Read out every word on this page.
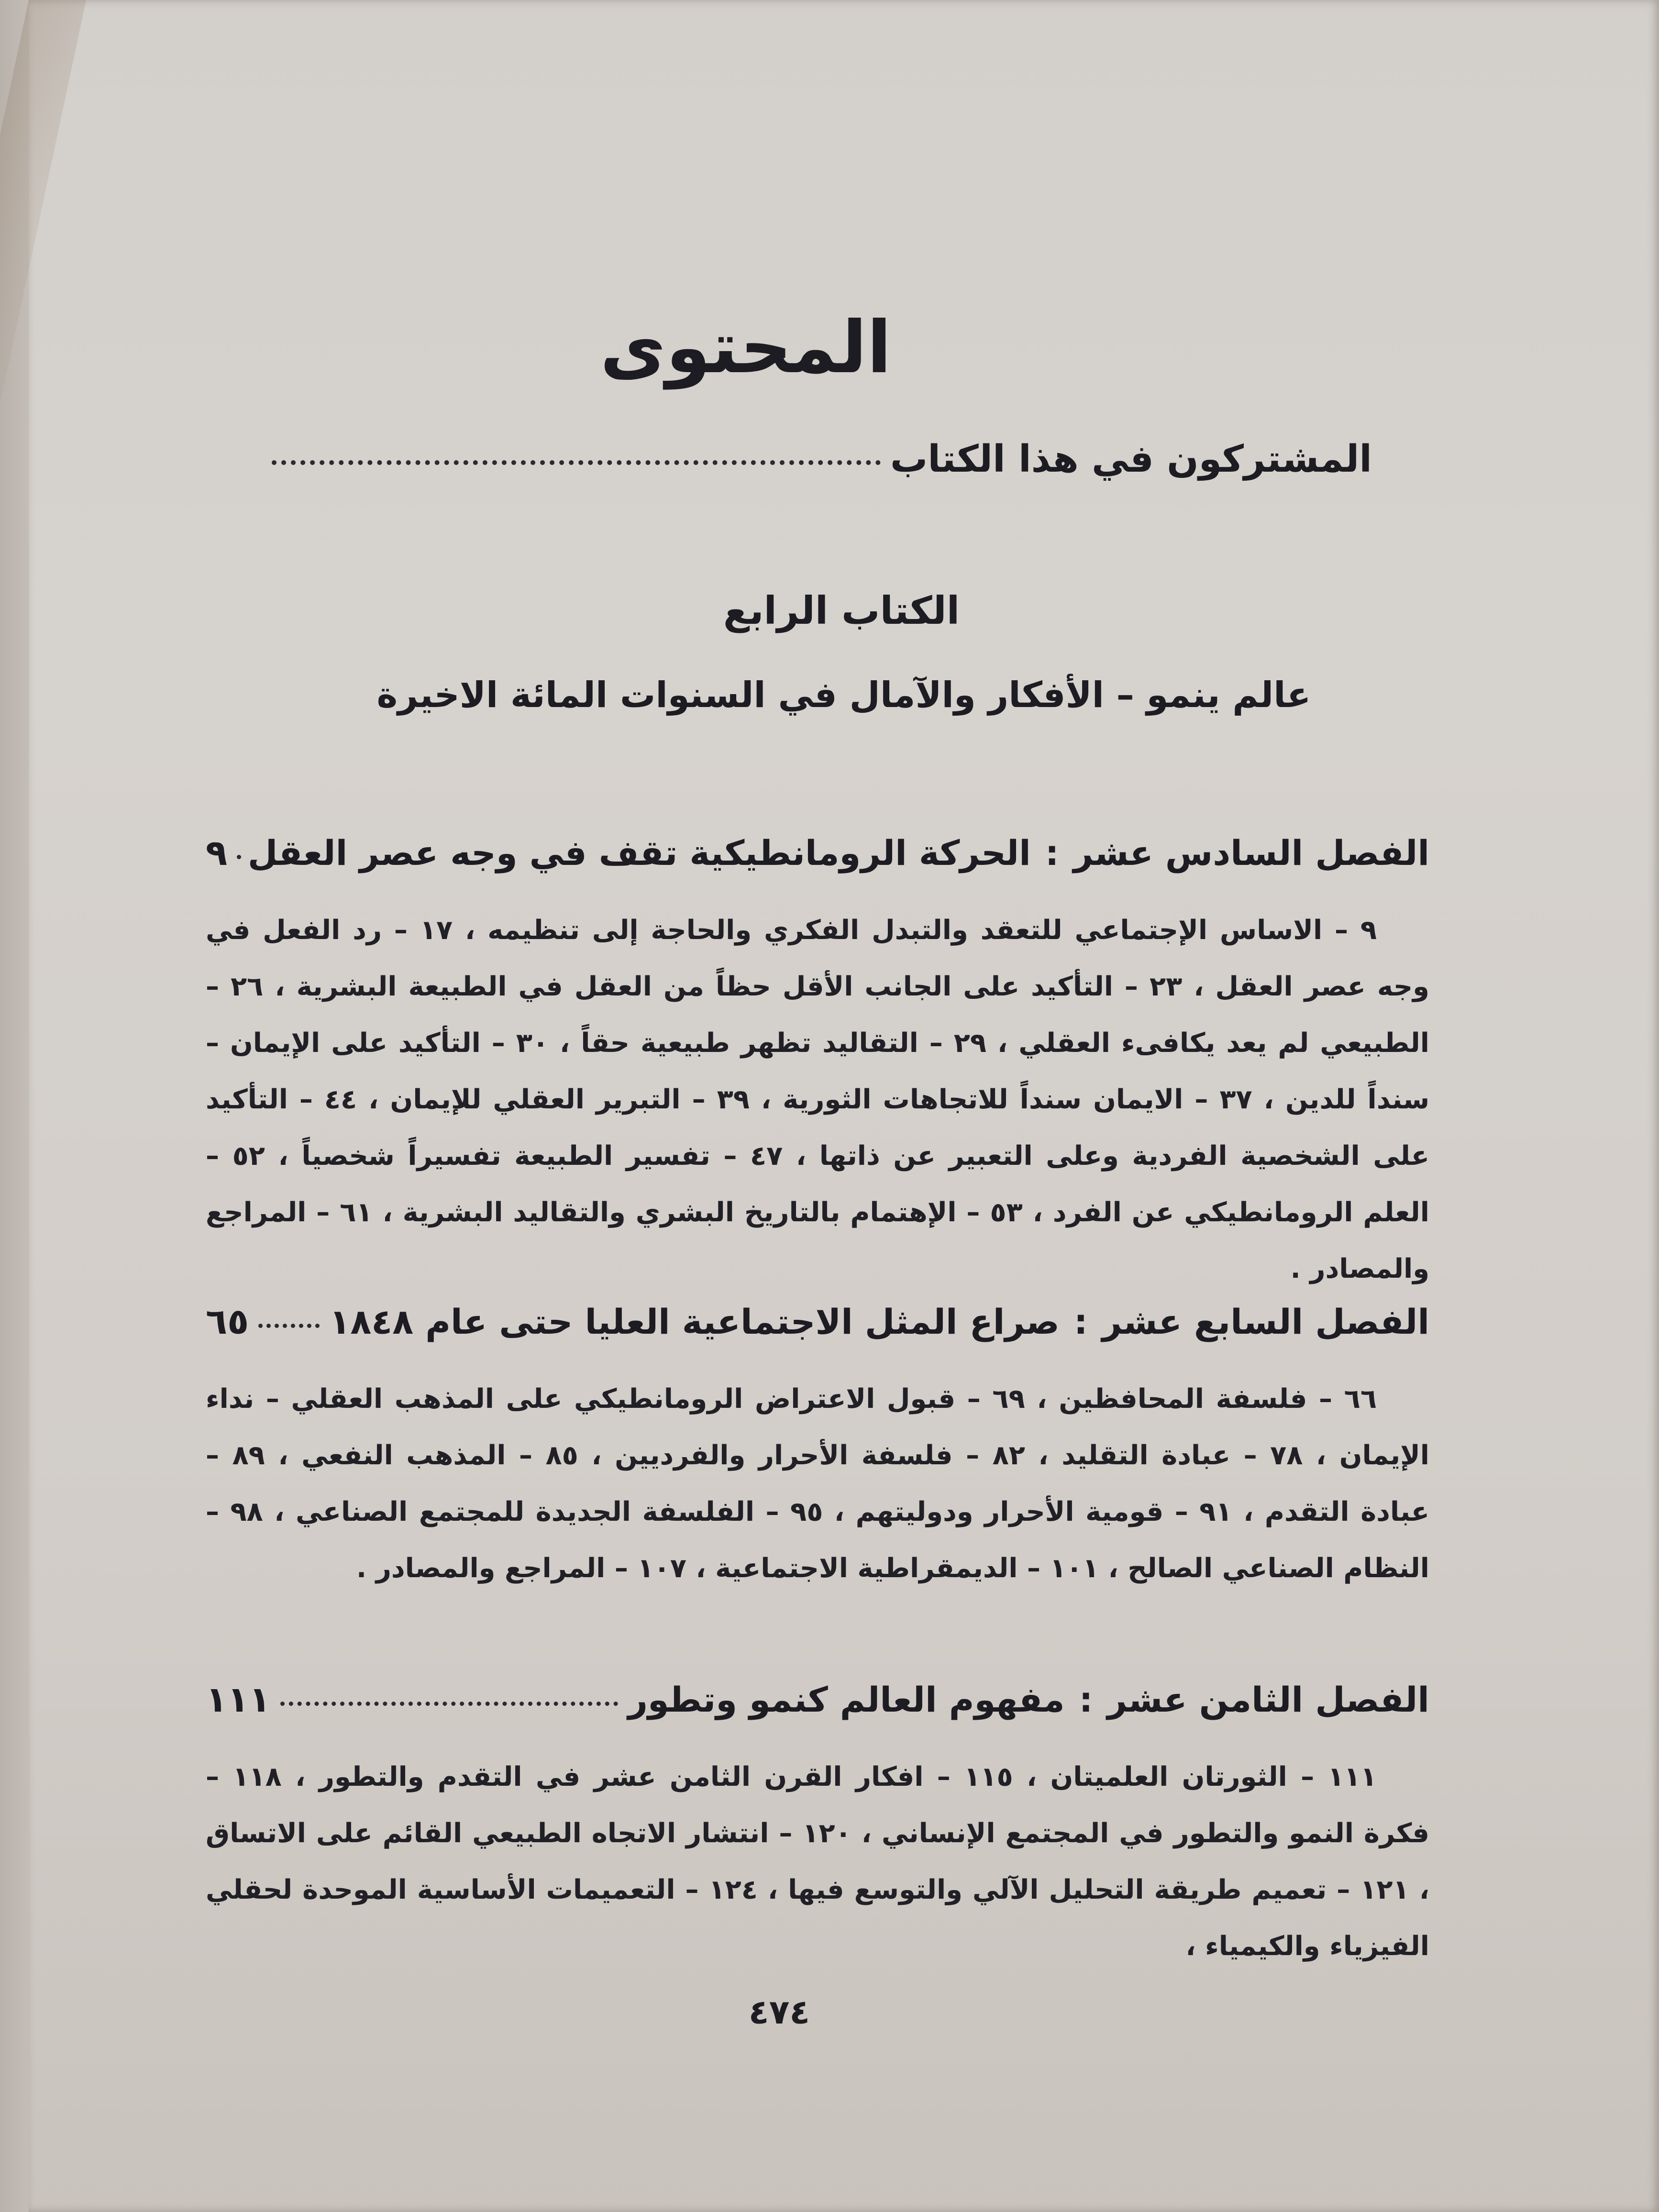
المحتوى
المشتركون في هذا الكتاب
الكتاب الرابع
عالم ينمو – الأفكار والآمال في السنوات المائة الاخيرة
الفصل السادس عشر
:
الحركة الرومانطيكية تقف في وجه عصر العقل
٩
٩ – الاساس الإجتماعي للتعقد والتبدل الفكري والحاجة إلى تنظيمه ، ١٧ – رد الفعل في وجه عصر العقل ، ٢٣ – التأكيد على الجانب الأقل حظاً من العقل في الطبيعة البشرية ، ٢٦ – الطبيعي لم يعد يكافىء العقلي ، ٢٩ – التقاليد تظهر طبيعية حقاً ، ٣٠ – التأكيد على الإيمان – سنداً للدين ، ٣٧ – الايمان سنداً للاتجاهات الثورية ، ٣٩ – التبرير العقلي للإيمان ، ٤٤ – التأكيد على الشخصية الفردية وعلى التعبير عن ذاتها ، ٤٧ – تفسير الطبيعة تفسيراً شخصياً ، ٥٢ – العلم الرومانطيكي عن الفرد ، ٥٣ – الإهتمام بالتاريخ البشري والتقاليد البشرية ، ٦١ – المراجع والمصادر .
الفصل السابع عشر
:
صراع المثل الاجتماعية العليا حتى عام ١٨٤٨
٦٥
٦٦ – فلسفة المحافظين ، ٦٩ – قبول الاعتراض الرومانطيكي على المذهب العقلي – نداء الإيمان ، ٧٨ – عبادة التقليد ، ٨٢ – فلسفة الأحرار والفرديين ، ٨٥ – المذهب النفعي ، ٨٩ – عبادة التقدم ، ٩١ – قومية الأحرار ودوليتهم ، ٩٥ – الفلسفة الجديدة للمجتمع الصناعي ، ٩٨ – النظام الصناعي الصالح ، ١٠١ – الديمقراطية الاجتماعية ، ١٠٧ – المراجع والمصادر .
الفصل الثامن عشر
:
مفهوم العالم كنمو وتطور
١١١
١١١ – الثورتان العلميتان ، ١١٥ – افكار القرن الثامن عشر في التقدم والتطور ، ١١٨ – فكرة النمو والتطور في المجتمع الإنساني ، ١٢٠ – انتشار الاتجاه الطبيعي القائم على الاتساق ، ١٢١ – تعميم طريقة التحليل الآلي والتوسع فيها ، ١٢٤ – التعميمات الأساسية الموحدة لحقلي الفيزياء والكيمياء ،
٤٧٤
